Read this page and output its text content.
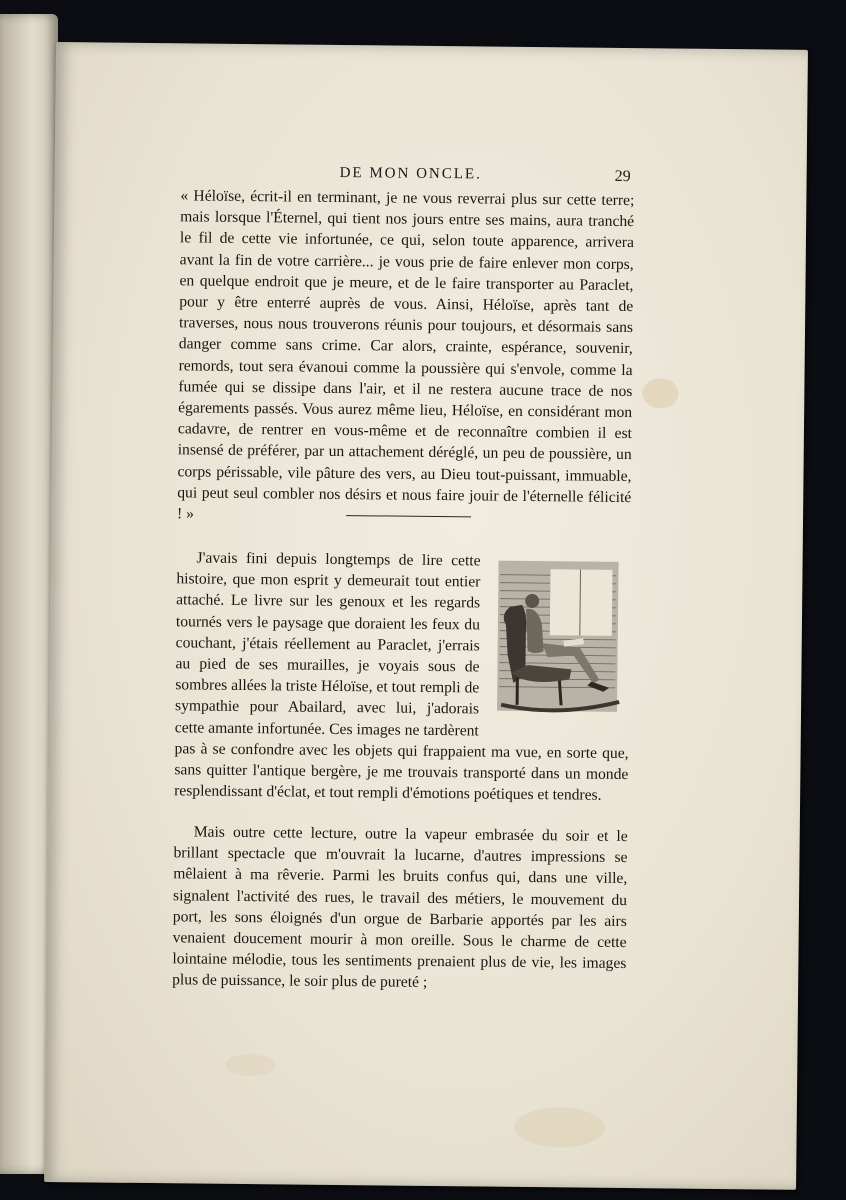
DE MON ONCLE.	29

« Héloïse, écrit-il en terminant, je ne vous reverrai plus sur cette terre; mais lorsque l'Éternel, qui tient nos jours entre ses mains, aura tranché le fil de cette vie infortunée, ce qui, selon toute apparence, arrivera avant la fin de votre carrière... je vous prie de faire enlever mon corps, en quelque endroit que je meure, et de le faire transporter au Paraclet, pour y être enterré auprès de vous. Ainsi, Héloïse, après tant de traverses, nous nous trouverons réunis pour toujours, et désormais sans danger comme sans crime. Car alors, crainte, espérance, souvenir, remords, tout sera évanoui comme la poussière qui s'envole, comme la fumée qui se dissipe dans l'air, et il ne restera aucune trace de nos égarements passés. Vous aurez même lieu, Héloïse, en considérant mon cadavre, de rentrer en vous-même et de reconnaître combien il est insensé de préférer, par un attachement déréglé, un peu de poussière, un corps périssable, vile pâture des vers, au Dieu tout-puissant, immuable, qui peut seul combler nos désirs et nous faire jouir de l'éternelle félicité ! »

J'avais fini depuis longtemps de lire cette histoire, que mon esprit y demeurait tout entier attaché. Le livre sur les genoux et les regards tournés vers le paysage que doraient les feux du couchant, j'étais réellement au Paraclet, j'errais au pied de ses murailles, je voyais sous de sombres allées la triste Héloïse, et tout rempli de sympathie pour Abailard, avec lui, j'adorais cette amante infortunée. Ces images ne tardèrent pas à se confondre avec les objets qui frappaient ma vue, en sorte que, sans quitter l'antique bergère, je me trouvais transporté dans un monde resplendissant d'éclat, et tout rempli d'émotions poétiques et tendres.

Mais outre cette lecture, outre la vapeur embrasée du soir et le brillant spectacle que m'ouvrait la lucarne, d'autres impressions se mêlaient à ma rêverie. Parmi les bruits confus qui, dans une ville, signalent l'activité des rues, le travail des métiers, le mouvement du port, les sons éloignés d'un orgue de Barbarie apportés par les airs venaient doucement mourir à mon oreille. Sous le charme de cette lointaine mélodie, tous les sentiments prenaient plus de vie, les images plus de puissance, le soir plus de pureté ;
